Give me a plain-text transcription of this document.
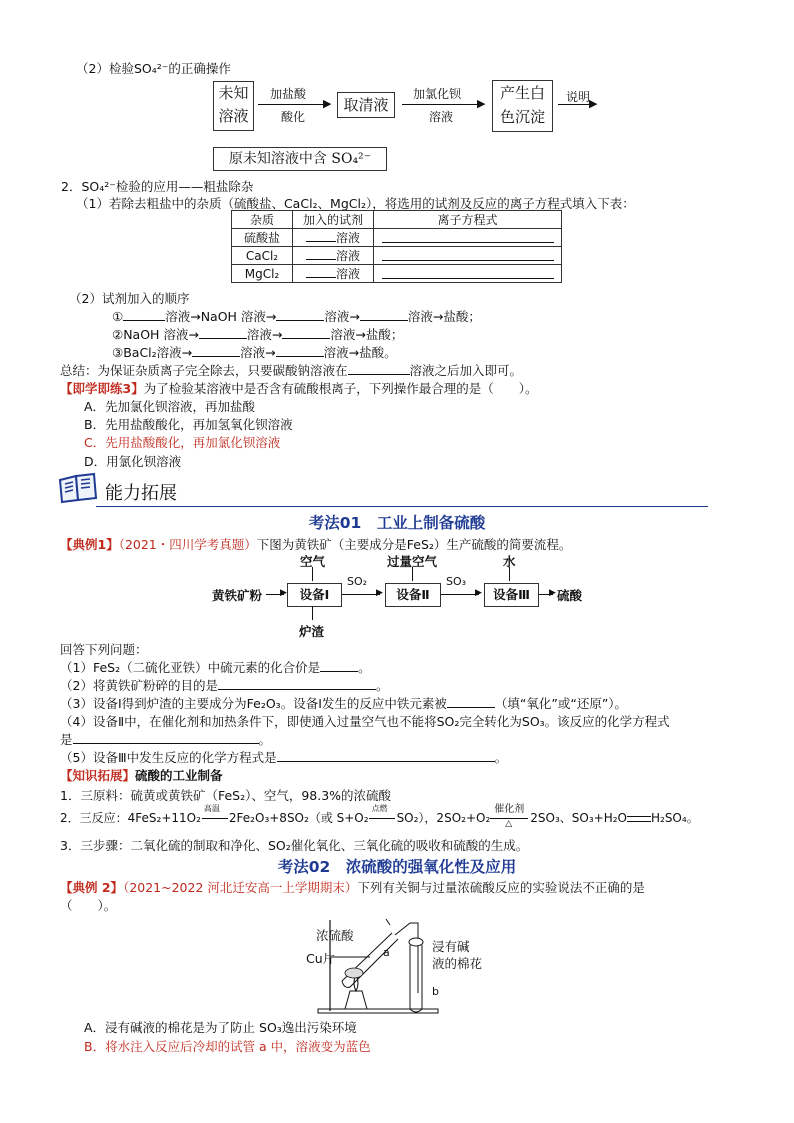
（2）检验SO₄²⁻的正确操作
未知
溶液
加盐酸
▶
酸化
取清液
加氯化钡
▶
溶液
产生白
色沉淀
说明
▶
原未知溶液中含 SO₄²⁻
2．SO₄²⁻检验的应用——粗盐除杂
（1）若除去粗盐中的杂质（硫酸盐、CaCl₂、MgCl₂），将选用的试剂及反应的离子方程式填入下表：
杂质	加入的试剂	离子方程式
硫酸盐	溶液	
CaCl₂	溶液	
MgCl₂	溶液	
（2）试剂加入的顺序
①	溶液→NaOH 溶液→	溶液→	溶液→盐酸；
②NaOH 溶液→	溶液→	溶液→盐酸；
③BaCl₂溶液→	溶液→	溶液→盐酸。
总结：为保证杂质离子完全除去，只要碳酸钠溶液在	溶液之后加入即可。
【即学即练3】为了检验某溶液中是否含有硫酸根离子，下列操作最合理的是（　　）。
A．先加氯化钡溶液，再加盐酸
B．先用盐酸酸化，再加氢氧化钡溶液
C．先用盐酸酸化，再加氯化钡溶液
D．用氯化钡溶液
能力拓展
考法01　工业上制备硫酸
【典例1】（2021・四川学考真题）下图为黄铁矿（主要成分是FeS₂）生产硫酸的简要流程。
黄铁矿粉 ▶
空气
设备Ⅰ
SO₂
▶
过量空气
设备Ⅱ
SO₃
▶
水
设备Ⅲ	▶ 硫酸
炉渣
回答下列问题：
（1）FeS₂（二硫化亚铁）中硫元素的化合价是	。
（2）将黄铁矿粉碎的目的是	。
（3）设备Ⅰ得到炉渣的主要成分为Fe₂O₃。设备Ⅰ发生的反应中铁元素被	（填“氧化”或“还原”）。
（4）设备Ⅱ中，在催化剂和加热条件下，即使通入过量空气也不能将SO₂完全转化为SO₃。该反应的化学方程式
是	。
（5）设备Ⅲ中发生反应的化学方程式是	。
【知识拓展】硫酸的工业制备
1．三原料：硫黄或黄铁矿（FeS₂）、空气，98.3%的浓硫酸
2．三反应：4FeS₂+11O₂
高温
2Fe₂O₃+8SO₂（或 S+O₂
点燃
SO₂），2SO₂+O₂
催化剂
△ 2SO₃、SO₃+H₂O H₂SO₄。
3．三步骤：二氧化硫的制取和净化、SO₂催化氧化、三氧化硫的吸收和硫酸的生成。
考法02　浓硫酸的强氧化性及应用
【典例 2】（2021~2022 河北迁安高一上学期期末）下列有关铜与过量浓硫酸反应的实验说法不正确的是
（　　）。
浓硫酸
Cu片	a
b
浸有碱
液的棉花
A．浸有碱液的棉花是为了防止 SO₃逸出污染环境
B．将水注入反应后冷却的试管 a 中，溶液变为蓝色
